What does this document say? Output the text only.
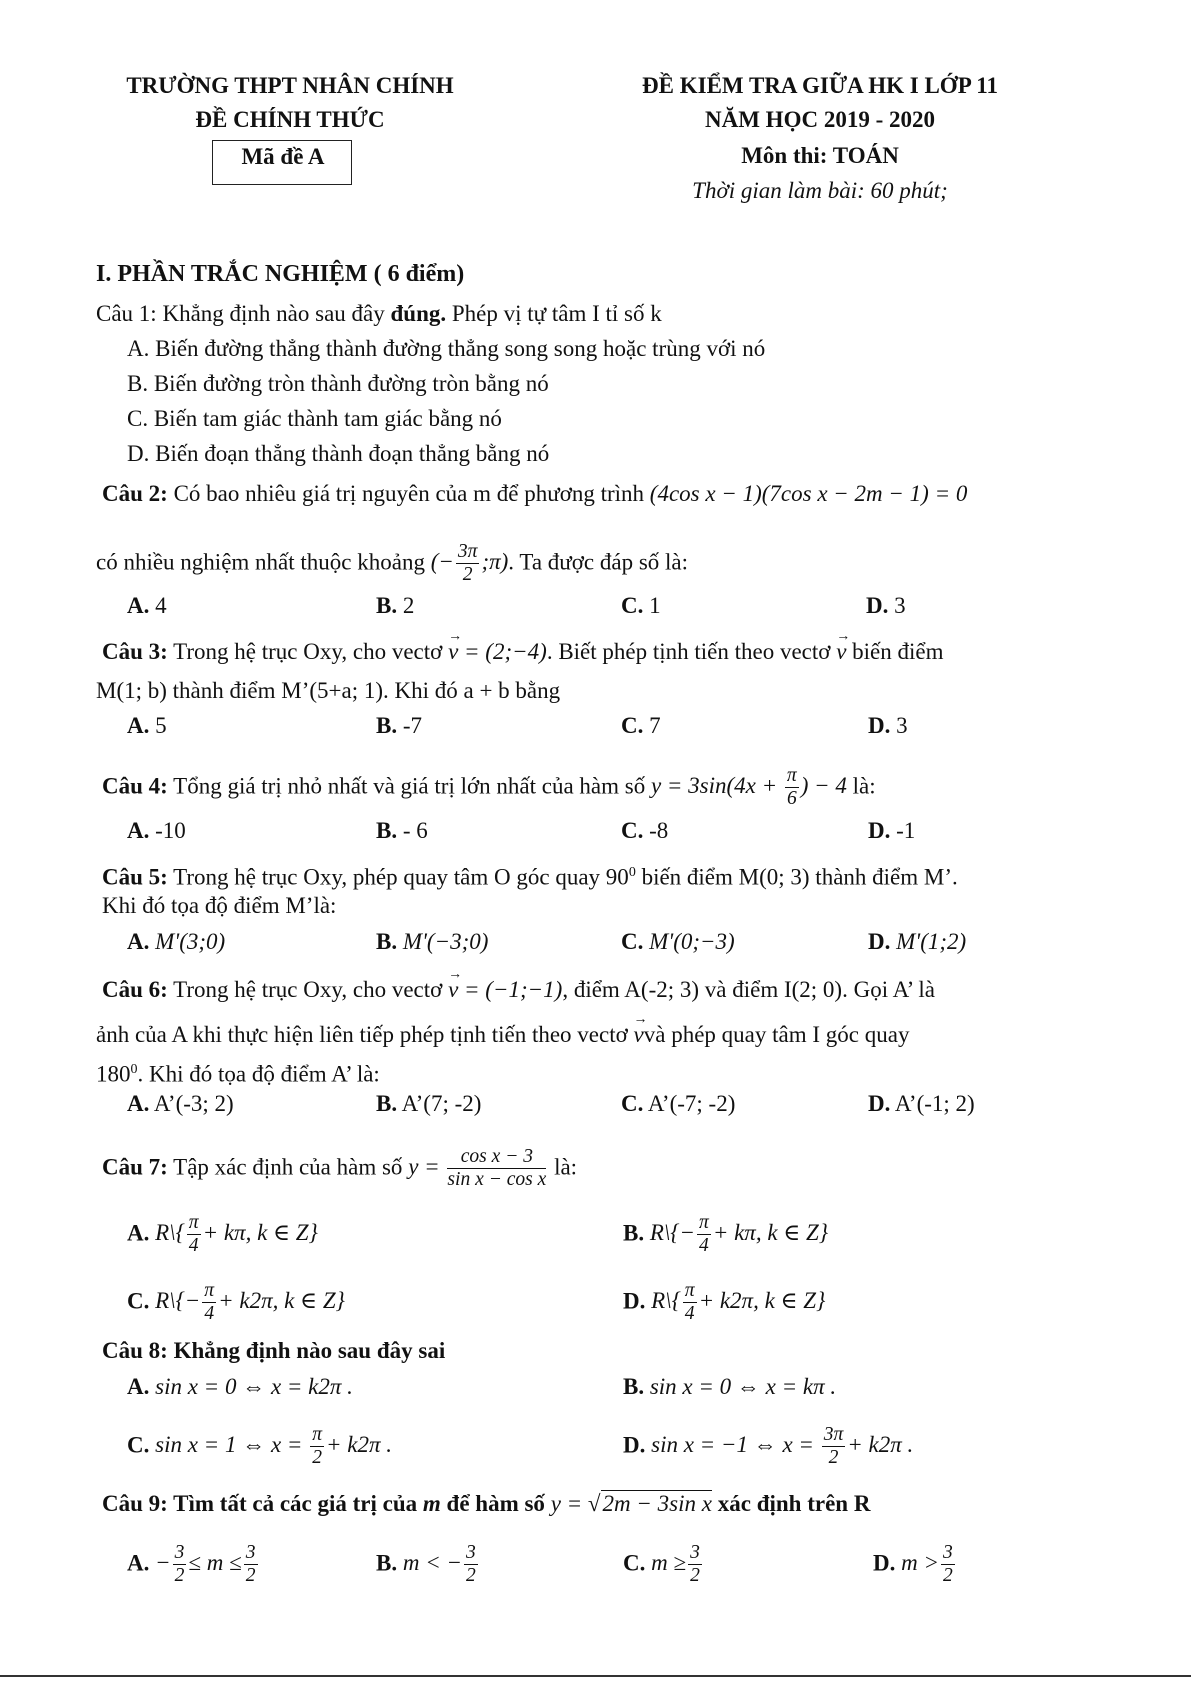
TRƯỜNG THPT NHÂN CHÍNH
ĐỀ CHÍNH THỨC
Mã đề A
ĐỀ KIỂM TRA GIỮA HK I LỚP 11
NĂM HỌC 2019 - 2020
Môn thi: TOÁN
Thời gian làm bài: 60 phút;
I. PHẦN TRẮC NGHIỆM ( 6 điểm)
Câu 1: Khẳng định nào sau đây đúng. Phép vị tự tâm I tỉ số k
A. Biến đường thẳng thành đường thẳng song song hoặc trùng với nó
B. Biến đường tròn thành đường tròn bằng nó
C. Biến tam giác thành tam giác bằng nó
D. Biến đoạn thẳng thành đoạn thẳng bằng nó
Câu 2: Có bao nhiêu giá trị nguyên của m để phương trình (4cos x − 1)(7cos x − 2m − 1) = 0
có nhiều nghiệm nhất thuộc khoảng (− $\frac{3\pi}{2}$ ;π). Ta được đáp số là:
A. 4	B. 2	C. 1	D. 3
Câu 3: Trong hệ trục Oxy, cho vectơ → v = (2;−4). Biết phép tịnh tiến theo vectơ → v biến điểm
M(1; b) thành điểm M’(5+a; 1). Khi đó a + b bằng
A. 5	B. -7	C. 7	D. 3
Câu 4: Tổng giá trị nhỏ nhất và giá trị lớn nhất của hàm số $y = 3\sin(4x + \frac{\pi}{6}$ ) − 4 là:
A. -10	B. - 6	C. -8	D. -1
Câu 5: Trong hệ trục Oxy, phép quay tâm O góc quay $90^0$ biến điểm M(0; 3) thành điểm M’.
Khi đó tọa độ điểm M’là:
A. M'(3;0)	B. M'(−3;0)	C. M'(0;−3)	D. M'(1;2)
Câu 6: Trong hệ trục Oxy, cho vectơ → v = (−1;−1), điểm A(-2; 3) và điểm I(2; 0). Gọi A’ là
ảnh của A khi thực hiện liên tiếp phép tịnh tiến theo vectơ → vvà phép quay tâm I góc quay
$180^0$. Khi đó tọa độ điểm A’ là:
A. A’(-3; 2)	B. A’(7; -2)	C. A’(-7; -2)	D. A’(-1; 2)
Câu 7: Tập xác định của hàm số $y = \frac{\text{cos x − 3}}{\text{sin x − cos x}}$ là:
A. R\{ $\frac{\pi}{4} + k\pi$, k ∈ Z}	B. R\{− $\frac{\pi}{4} + k\pi$, k ∈ Z}
C. R\{− $\frac{\pi}{4} + k2\pi$, k ∈ Z}	D. R\{ $\frac{\pi}{4} + k2\pi$, k ∈ Z}
Câu 8: Khẳng định nào sau đây sai
A. sin x = 0 ⇔ x = k2π .	B. sin x = 0 ⇔ x = kπ .
C. sin x = 1 ⇔ $x = \frac{\pi}{2} + k2\pi$ .	D. sin x = −1 ⇔ $x = \frac{3\pi}{2} + k2\pi$ .
Câu 9: Tìm tất cả các giá trị của m để hàm số y = √2m − 3sin x xác định trên R
A. − $\frac{3}{2} \le m \le \frac{3}{2}$	B. m < − $\frac{3}{2}$	C. $m \ge \frac{3}{2}$	D. $m > \frac{3}{2}$
